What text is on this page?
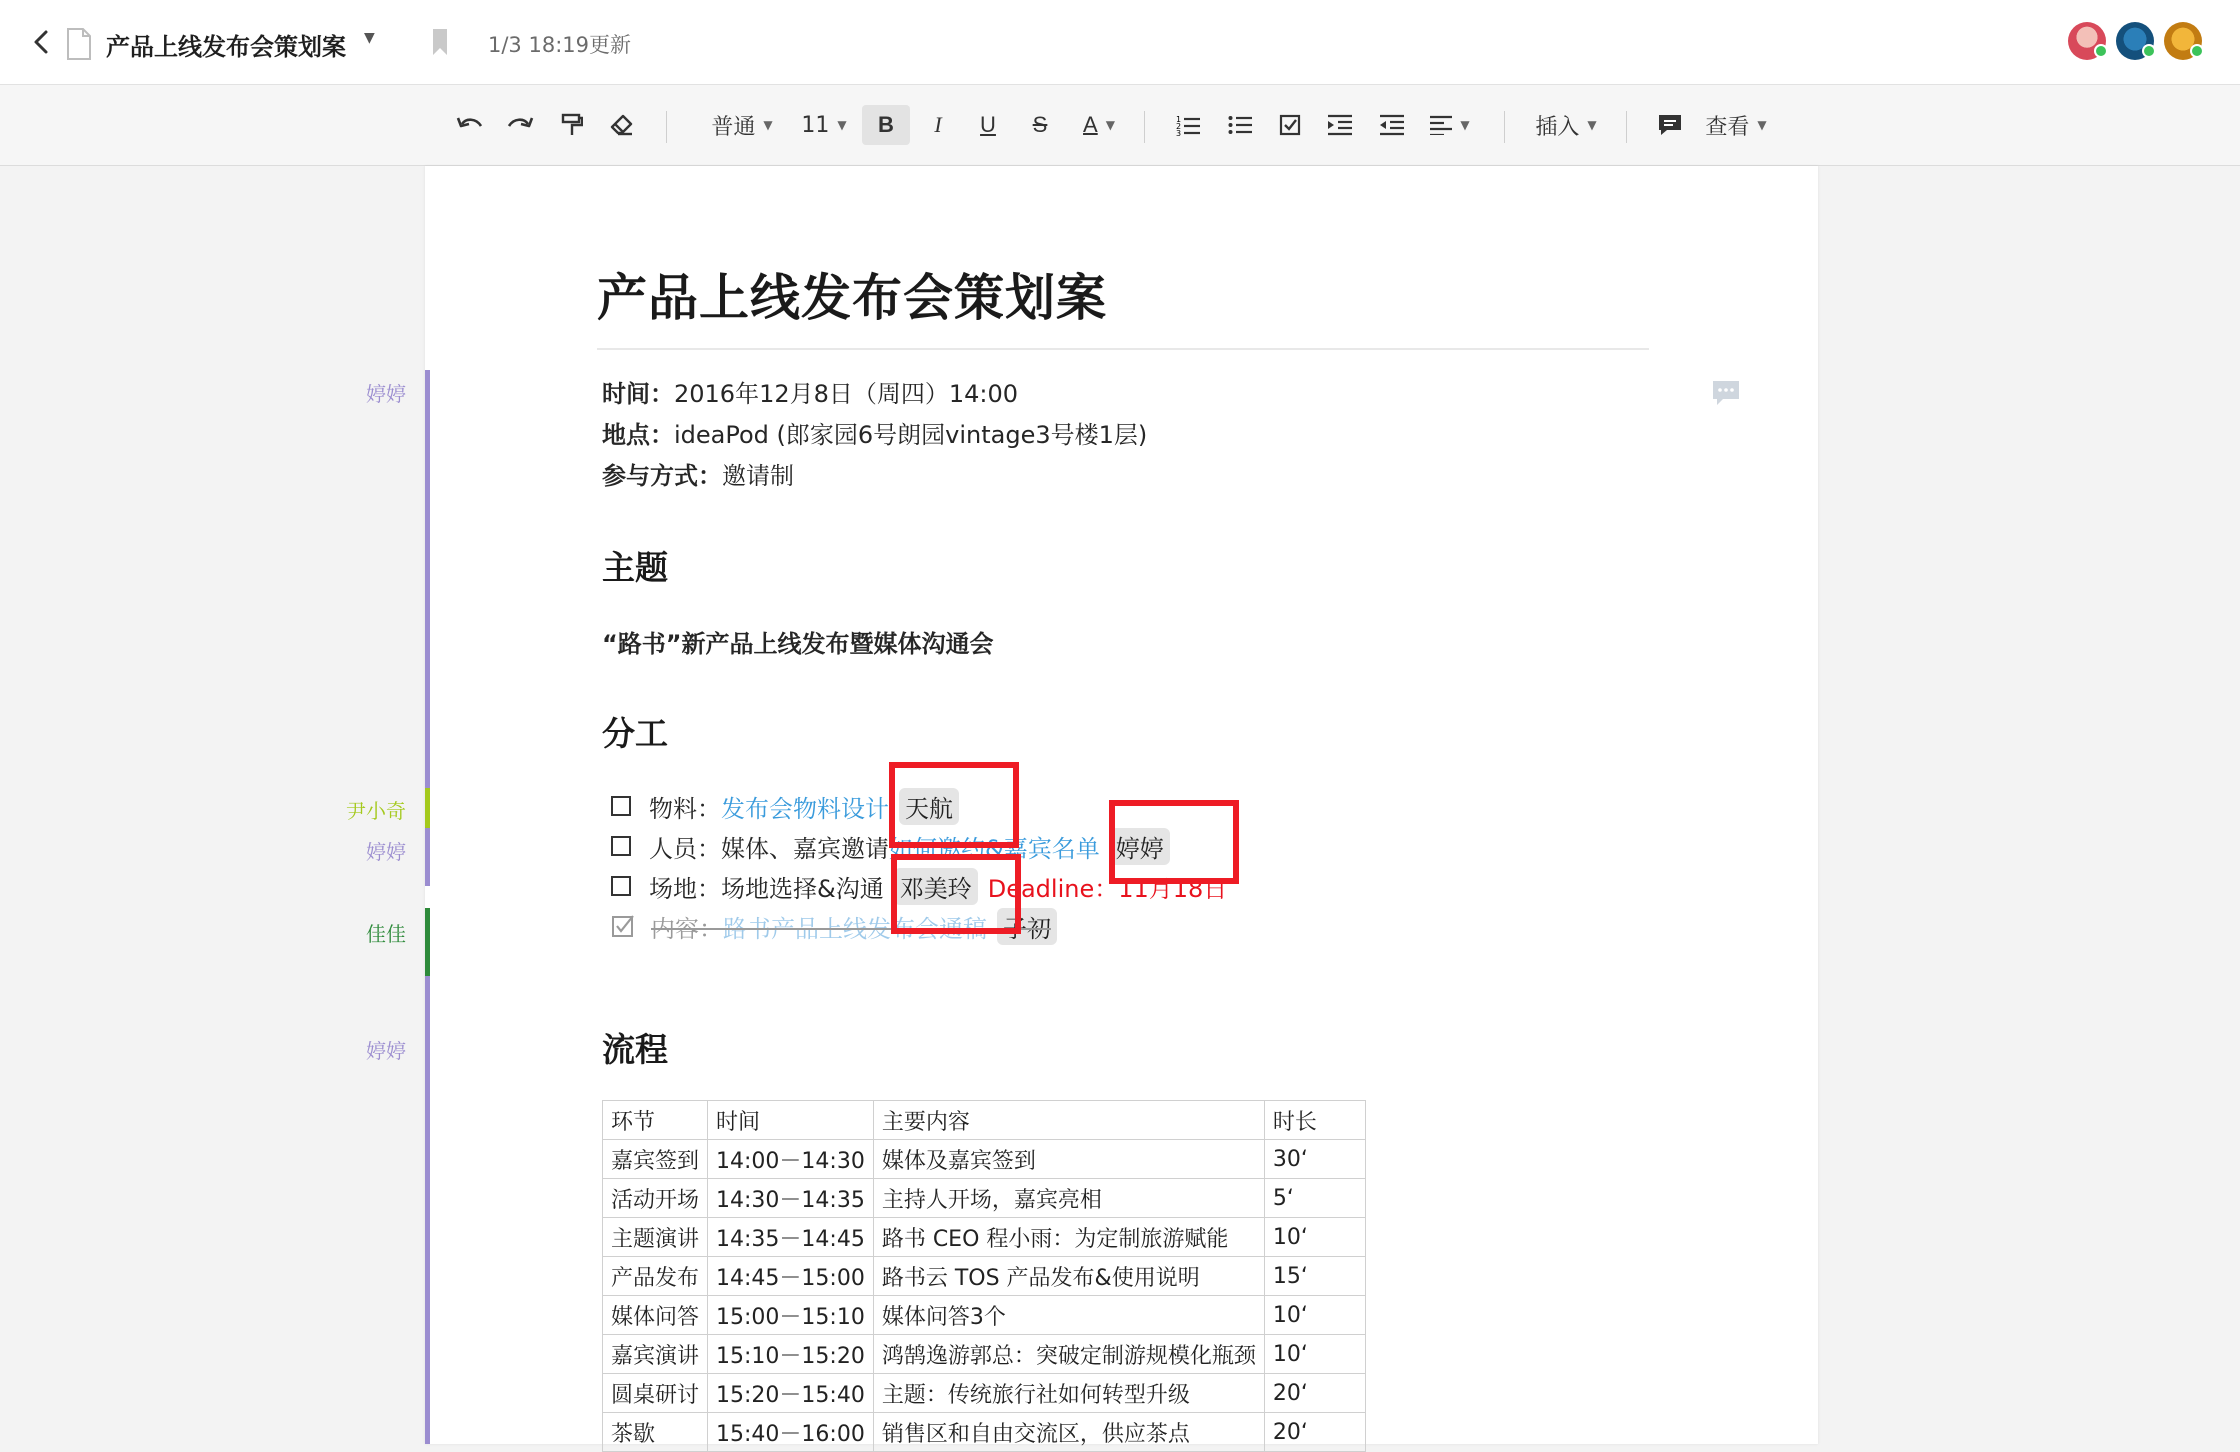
产品上线发布会策划案 ▼	1/3 18:19更新
普通 ▼ 11 ▼	B	I	U	S	A ▼	1
2
3
▼	插入 ▼	查看 ▼
婷婷
尹小奇
婷婷
佳佳
婷婷
产品上线发布会策划案
时间：2016年12月8日（周四）14:00
地点：ideaPod (郎家园6号朗园vintage3号楼1层)
参与方式：邀请制
主题
“路书”新产品上线发布暨媒体沟通会
分工
物料： 发布会物料设计 天航
人员： 媒体、嘉宾邀请 如何邀约&嘉宾名单 婷婷
场地： 场地选择&沟通 邓美玲 Deadline：11月18日
内容： 路书产品上线发布会通稿 子初
流程
环节	时间	主要内容	时长
嘉宾签到	14:00－14:30	媒体及嘉宾签到	30‘
活动开场	14:30－14:35	主持人开场，嘉宾亮相	5‘
主题演讲	14:35－14:45	路书 CEO 程小雨：为定制旅游赋能	10‘
产品发布	14:45－15:00	路书云 TOS 产品发布&使用说明	15‘
媒体问答	15:00－15:10	媒体问答3个	10‘
嘉宾演讲	15:10－15:20	鸿鹄逸游郭总：突破定制游规模化瓶颈	10‘
圆桌研讨	15:20－15:40	主题：传统旅行社如何转型升级	20‘
茶歇	15:40－16:00	销售区和自由交流区，供应茶点	20‘
